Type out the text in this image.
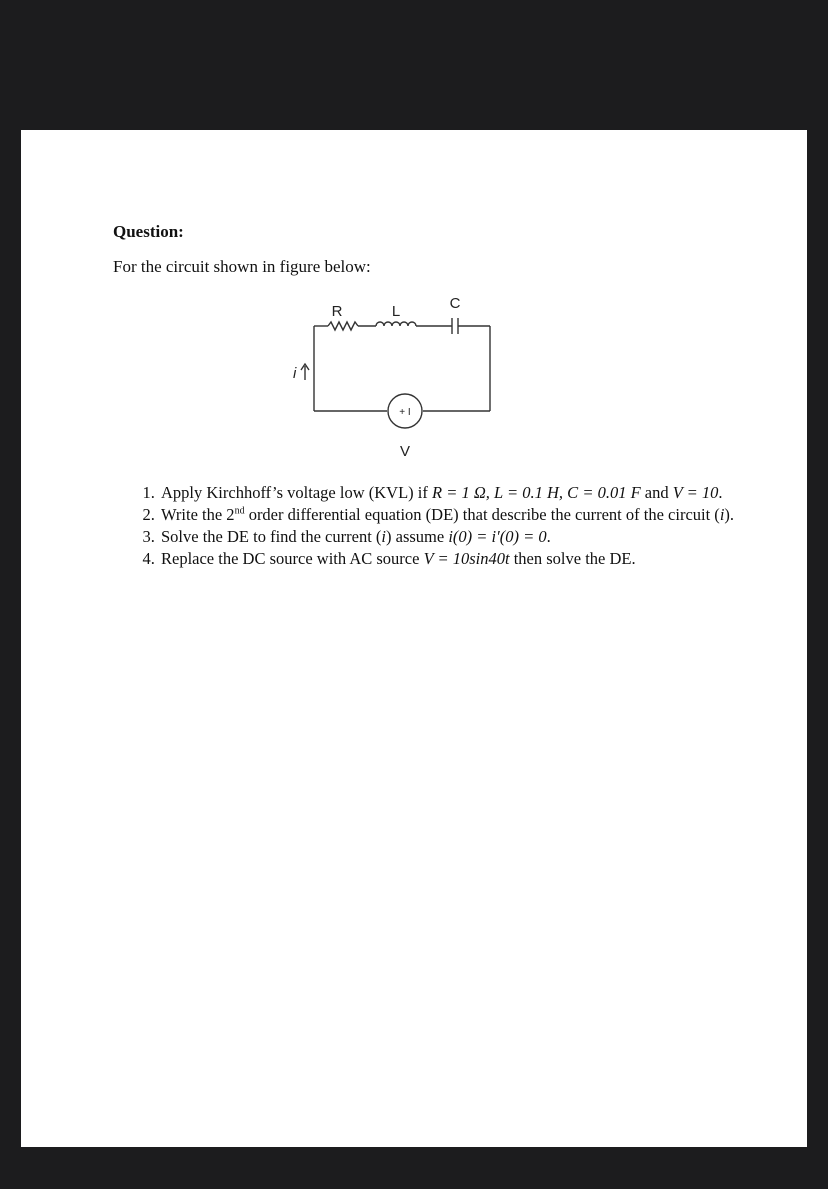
Question:
For the circuit shown in figure below:
R	L	C
i
+ I
V
1. Apply Kirchhoff’s voltage low (KVL) if R = 1 Ω, L = 0.1 H, C = 0.01 F and V = 10.
2. Write the 2nd order differential equation (DE) that describe the current of the circuit (i).
3. Solve the DE to find the current (i) assume i(0) = i′(0) = 0.
4. Replace the DC source with AC source V = 10sin40t then solve the DE.
